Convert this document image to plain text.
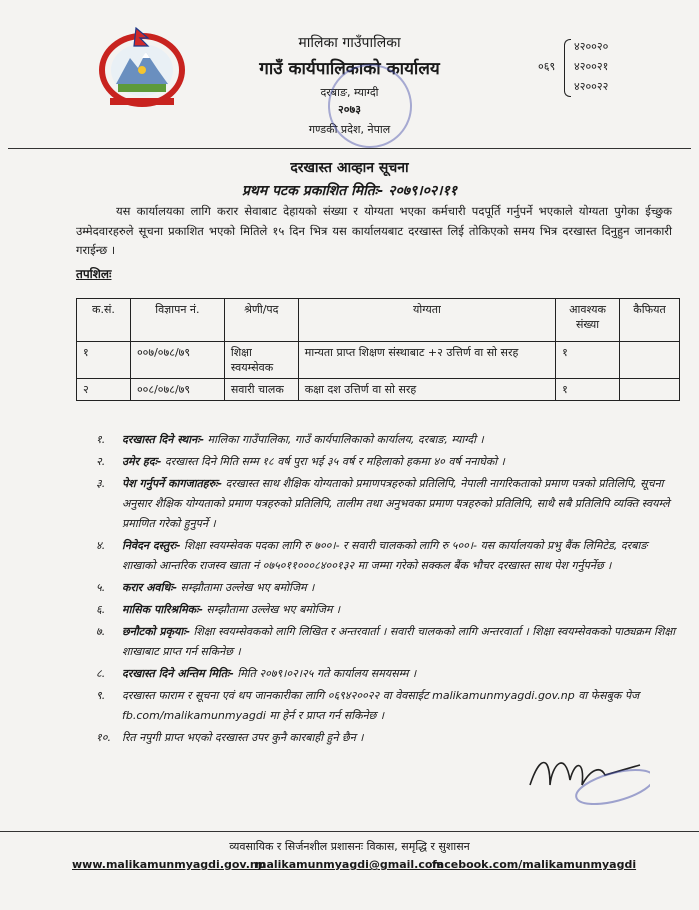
मालिका गाउँपालिका
गाउँ कार्यपालिकाको कार्यालय
दरबाङ, म्याग्दी
२०७३
गण्डकी प्रदेश, नेपाल
०६९
४२००२०
४२००२१
४२००२२
दरखास्त आव्हान सूचना
प्रथम पटक प्रकाशित मितिः- २०७९।०२।११
यस कार्यालयका लागि करार सेवाबाट देहायको संख्या र योग्यता भएका कर्मचारी पदपूर्ति गर्नुपर्ने भएकाले योग्यता पुगेका ईच्छुक उम्मेदवारहरुले सूचना प्रकाशित भएको मितिले १५ दिन भित्र यस कार्यालयबाट दरखास्त लिई तोकिएको समय भित्र दरखास्त दिनुहुन जानकारी गराईन्छ ।
तपशिलः
क.सं.	विज्ञापन नं.	श्रेणी/पद	योग्यता	आवश्यक संख्या	कैफियत
१	००७/०७८/७९	शिक्षा स्वयम्सेवक	मान्यता प्राप्त शिक्षण संस्थाबाट +२ उत्तिर्ण वा सो सरह	१	
२	००८/०७८/७९	सवारी चालक	कक्षा दश उत्तिर्ण वा सो सरह	१	
१.	दरखास्त दिने स्थानः- मालिका गाउँपालिका, गाउँ कार्यपालिकाको कार्यालय, दरबाङ, म्याग्दी ।
२.	उमेर हदः- दरखास्त दिने मिति सम्म १८ वर्ष पुरा भई ३५ वर्ष र महिलाको हकमा ४० वर्ष ननाघेको ।
३.	पेश गर्नुपर्ने कागजातहरुः- दरखास्त साथ शैक्षिक योग्यताको प्रमाणपत्रहरुको प्रतिलिपि, नेपाली नागरिकताको प्रमाण पत्रको प्रतिलिपि, सूचना अनुसार शैक्षिक योग्यताको प्रमाण पत्रहरुको प्रतिलिपि, तालीम तथा अनुभवका प्रमाण पत्रहरुको प्रतिलिपि, साथै सबै प्रतिलिपि व्यक्ति स्वयम्ले प्रमाणित गरेको हुनुपर्ने ।
४.	निवेदन दस्तुरः- शिक्षा स्वयम्सेवक पदका लागि रु ७००।- र सवारी चालकको लागि रु ५००।- यस कार्यालयको प्रभु बैंक लिमिटेड, दरबाङ शाखाको आन्तरिक राजस्व खाता नं ०७५०११०००८४००१३२ मा जम्मा गरेको सक्कल बैंक भौचर दरखास्त साथ पेश गर्नुपर्नेछ ।
५.	करार अवधिः- सम्झौतामा उल्लेख भए बमोजिम ।
६.	मासिक पारिश्रमिकः- सम्झौतामा उल्लेख भए बमोजिम ।
७.	छनौटको प्रकृयाः- शिक्षा स्वयम्सेवकको लागि लिखित र अन्तरवार्ता । सवारी चालकको लागि अन्तरवार्ता । शिक्षा स्वयम्सेवकको पाठ्यक्रम शिक्षा शाखाबाट प्राप्त गर्न सकिनेछ ।
८.	दरखास्त दिने अन्तिम मितिः- मिति २०७९।०२।२५ गते कार्यालय समयसम्म ।
९.	दरखास्त फाराम र सूचना एवं थप जानकारीका लागि ०६९४२००२२ वा वेवसाईट malikamunmyagdi.gov.np वा फेसबुक पेज fb.com/malikamunmyagdi मा हेर्न र प्राप्त गर्न सकिनेछ ।
१०.	रित नपुगी प्राप्त भएको दरखास्त उपर कुनै कारबाही हुने छैन ।
व्यवसायिक र सिर्जनशील प्रशासनः विकास, समृद्धि र सुशासन
www.malikamunmyagdi.gov.np
malikamunmyagdi@gmail.com
facebook.com/malikamunmyagdi
